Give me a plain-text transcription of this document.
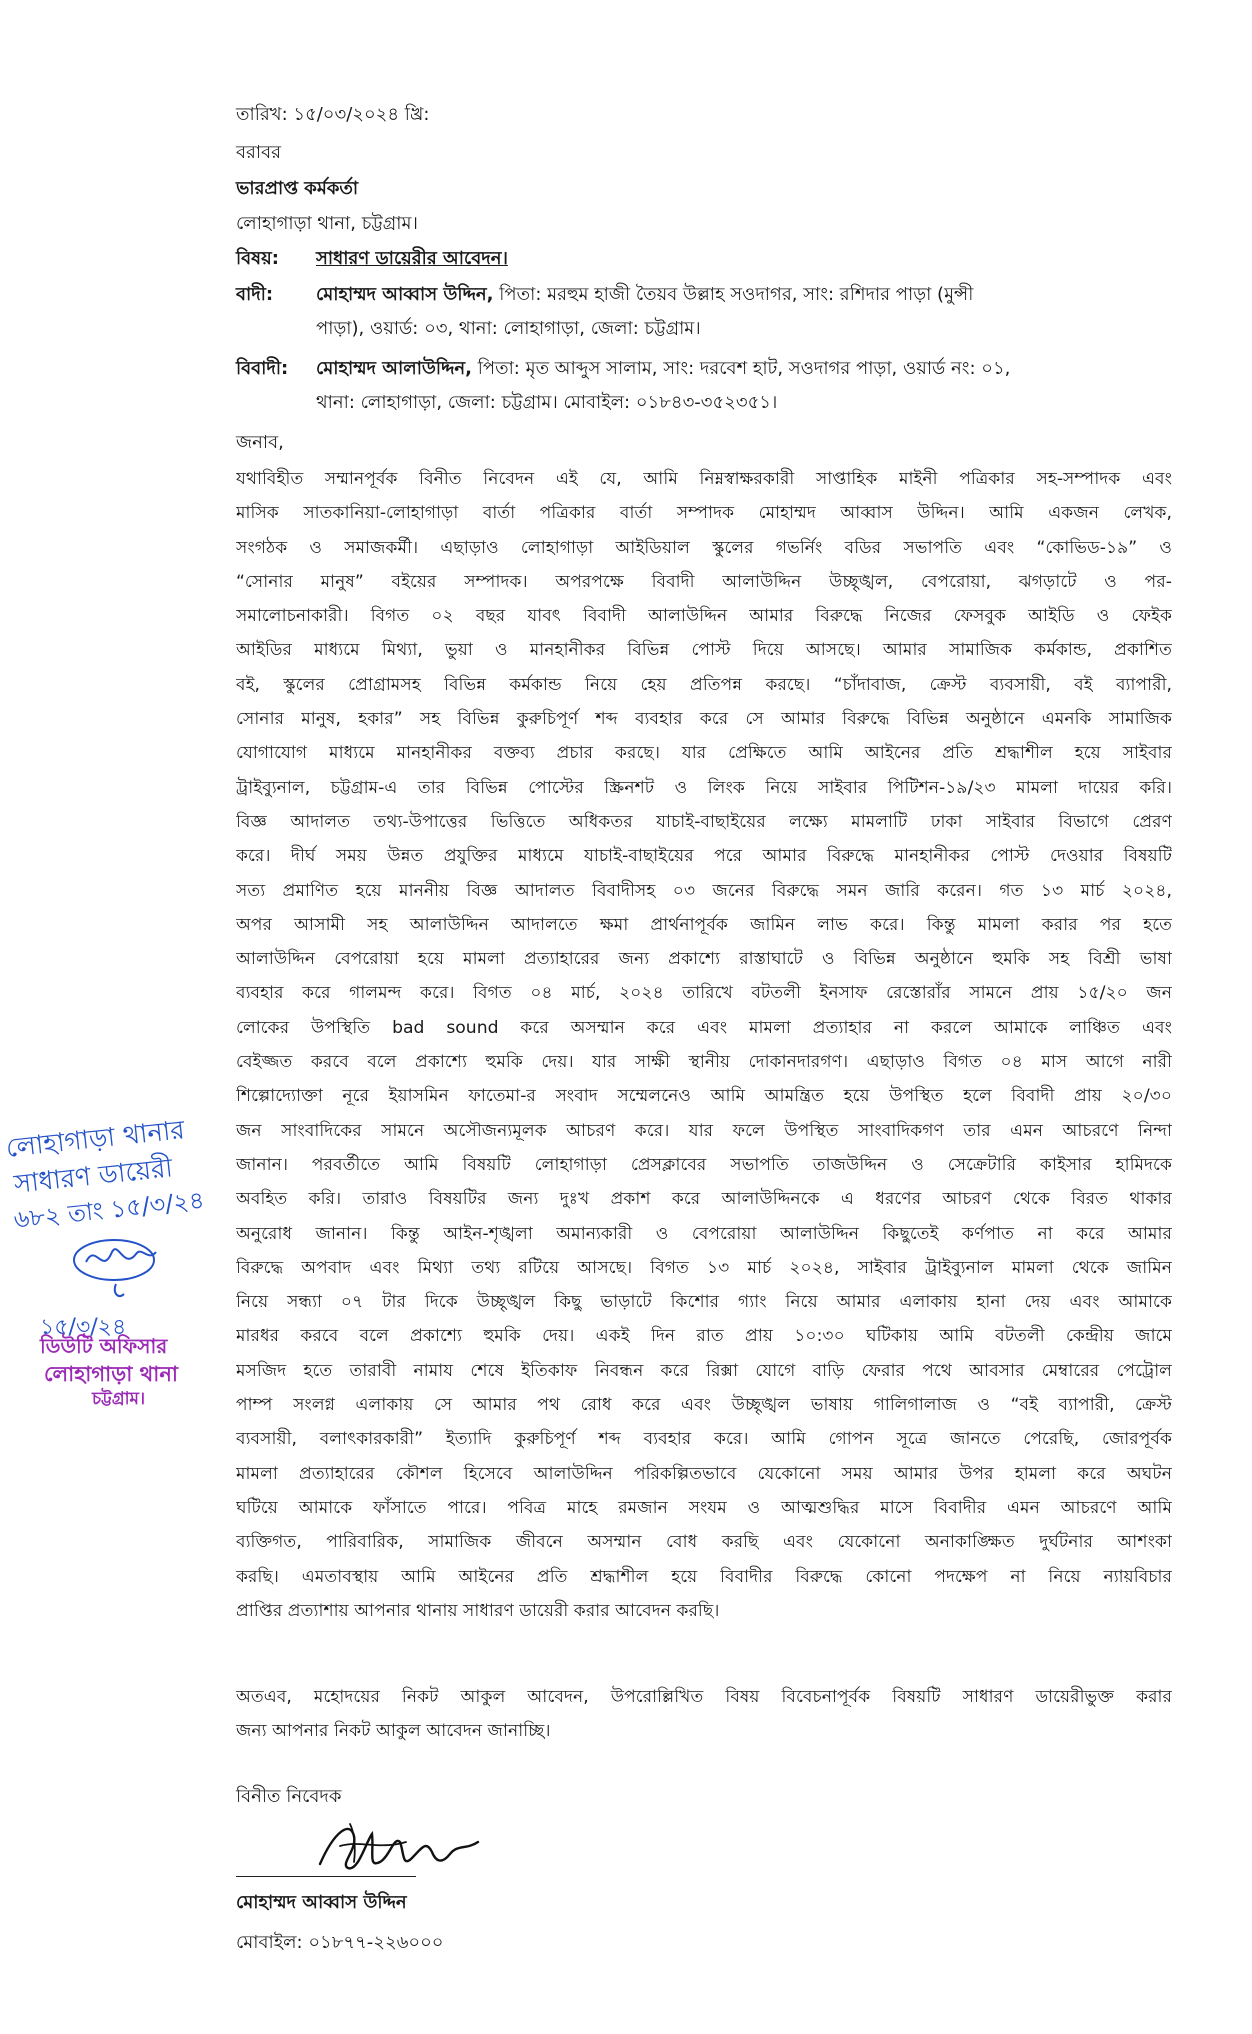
তারিখ: ১৫/০৩/২০২৪ খ্রি:

বরাবর

ভারপ্রাপ্ত কর্মকর্তা

লোহাগাড়া থানা, চট্টগ্রাম।

বিষয়:	সাধারণ ডায়েরীর আবেদন।
বাদী:	মোহাম্মদ আব্বাস উদ্দিন, পিতা: মরহুম হাজী তৈয়ব উল্লাহ সওদাগর, সাং: রশিদার পাড়া (মুন্সী
পাড়া), ওয়ার্ড: ০৩, থানা: লোহাগাড়া, জেলা: চট্টগ্রাম।
বিবাদী:	মোহাম্মদ আলাউদ্দিন, পিতা: মৃত আব্দুস সালাম, সাং: দরবেশ হাট, সওদাগর পাড়া, ওয়ার্ড নং: ০১,
থানা: লোহাগাড়া, জেলা: চট্টগ্রাম। মোবাইল: ০১৮৪৩-৩৫২৩৫১।

জনাব,

যথাবিহীত সম্মানপূর্বক বিনীত নিবেদন এই যে, আমি নিম্নস্বাক্ষরকারী সাপ্তাহিক মাইনী পত্রিকার সহ-সম্পাদক এবং
মাসিক সাতকানিয়া-লোহাগাড়া বার্তা পত্রিকার বার্তা সম্পাদক মোহাম্মদ আব্বাস উদ্দিন। আমি একজন লেখক,
সংগঠক ও সমাজকর্মী। এছাড়াও লোহাগাড়া আইডিয়াল স্কুলের গভর্নিং বডির সভাপতি এবং “কোভিড-১৯” ও
“সোনার মানুষ” বইয়ের সম্পাদক। অপরপক্ষে বিবাদী আলাউদ্দিন উচ্ছৃঙ্খল, বেপরোয়া, ঝগড়াটে ও পর-
সমালোচনাকারী। বিগত ০২ বছর যাবৎ বিবাদী আলাউদ্দিন আমার বিরুদ্ধে নিজের ফেসবুক আইডি ও ফেইক
আইডির মাধ্যমে মিথ্যা, ভুয়া ও মানহানীকর বিভিন্ন পোস্ট দিয়ে আসছে। আমার সামাজিক কর্মকান্ড, প্রকাশিত
বই, স্কুলের প্রোগ্রামসহ বিভিন্ন কর্মকান্ড নিয়ে হেয় প্রতিপন্ন করছে। “চাঁদাবাজ, ক্রেস্ট ব্যবসায়ী, বই ব্যাপারী,
সোনার মানুষ, হকার” সহ বিভিন্ন কুরুচিপূর্ণ শব্দ ব্যবহার করে সে আমার বিরুদ্ধে বিভিন্ন অনুষ্ঠানে এমনকি সামাজিক
যোগাযোগ মাধ্যমে মানহানীকর বক্তব্য প্রচার করছে। যার প্রেক্ষিতে আমি আইনের প্রতি শ্রদ্ধাশীল হয়ে সাইবার
ট্রাইব্যুনাল, চট্টগ্রাম-এ তার বিভিন্ন পোস্টের স্ক্রিনশট ও লিংক নিয়ে সাইবার পিটিশন-১৯/২৩ মামলা দায়ের করি।
বিজ্ঞ আদালত তথ্য-উপাত্তের ভিত্তিতে অধিকতর যাচাই-বাছাইয়ের লক্ষ্যে মামলাটি ঢাকা সাইবার বিভাগে প্রেরণ
করে। দীর্ঘ সময় উন্নত প্রযুক্তির মাধ্যমে যাচাই-বাছাইয়ের পরে আমার বিরুদ্ধে মানহানীকর পোস্ট দেওয়ার বিষয়টি
সত্য প্রমাণিত হয়ে মাননীয় বিজ্ঞ আদালত বিবাদীসহ ০৩ জনের বিরুদ্ধে সমন জারি করেন। গত ১৩ মার্চ ২০২৪,
অপর আসামী সহ আলাউদ্দিন আদালতে ক্ষমা প্রার্থনাপূর্বক জামিন লাভ করে। কিন্তু মামলা করার পর হতে
আলাউদ্দিন বেপরোয়া হয়ে মামলা প্রত্যাহারের জন্য প্রকাশ্যে রাস্তাঘাটে ও বিভিন্ন অনুষ্ঠানে হুমকি সহ বিশ্রী ভাষা
ব্যবহার করে গালমন্দ করে। বিগত ০৪ মার্চ, ২০২৪ তারিখে বটতলী ইনসাফ রেস্তোরাঁর সামনে প্রায় ১৫/২০ জন
লোকের উপস্থিতি bad sound করে অসম্মান করে এবং মামলা প্রত্যাহার না করলে আমাকে লাঞ্চিত এবং
বেইজ্জত করবে বলে প্রকাশ্যে হুমকি দেয়। যার সাক্ষী স্থানীয় দোকানদারগণ। এছাড়াও বিগত ০৪ মাস আগে নারী
শিল্পোদ্যোক্তা নূরে ইয়াসমিন ফাতেমা-র সংবাদ সম্মেলনেও আমি আমন্ত্রিত হয়ে উপস্থিত হলে বিবাদী প্রায় ২০/৩০
জন সাংবাদিকের সামনে অসৌজন্যমূলক আচরণ করে। যার ফলে উপস্থিত সাংবাদিকগণ তার এমন আচরণে নিন্দা
জানান। পরবর্তীতে আমি বিষয়টি লোহাগাড়া প্রেসক্লাবের সভাপতি তাজউদ্দিন ও সেক্রেটারি কাইসার হামিদকে
অবহিত করি। তারাও বিষয়টির জন্য দুঃখ প্রকাশ করে আলাউদ্দিনকে এ ধরণের আচরণ থেকে বিরত থাকার
অনুরোধ জানান। কিন্তু আইন-শৃঙ্খলা অমান্যকারী ও বেপরোয়া আলাউদ্দিন কিছুতেই কর্ণপাত না করে আমার
বিরুদ্ধে অপবাদ এবং মিথ্যা তথ্য রটিয়ে আসছে। বিগত ১৩ মার্চ ২০২৪, সাইবার ট্রাইব্যুনাল মামলা থেকে জামিন
নিয়ে সন্ধ্যা ০৭ টার দিকে উচ্ছৃঙ্খল কিছু ভাড়াটে কিশোর গ্যাং নিয়ে আমার এলাকায় হানা দেয় এবং আমাকে
মারধর করবে বলে প্রকাশ্যে হুমকি দেয়। একই দিন রাত প্রায় ১০:৩০ ঘটিকায় আমি বটতলী কেন্দ্রীয় জামে
মসজিদ হতে তারাবী নামায শেষে ইতিকাফ নিবন্ধন করে রিক্সা যোগে বাড়ি ফেরার পথে আবসার মেম্বারের পেট্রোল
পাম্প সংলগ্ন এলাকায় সে আমার পথ রোধ করে এবং উচ্ছৃঙ্খল ভাষায় গালিগালাজ ও “বই ব্যাপারী, ক্রেস্ট
ব্যবসায়ী, বলাৎকারকারী” ইত্যাদি কুরুচিপূর্ণ শব্দ ব্যবহার করে। আমি গোপন সূত্রে জানতে পেরেছি, জোরপূর্বক
মামলা প্রত্যাহারের কৌশল হিসেবে আলাউদ্দিন পরিকল্পিতভাবে যেকোনো সময় আমার উপর হামলা করে অঘটন
ঘটিয়ে আমাকে ফাঁসাতে পারে। পবিত্র মাহে রমজান সংযম ও আত্মশুদ্ধির মাসে বিবাদীর এমন আচরণে আমি
ব্যক্তিগত, পারিবারিক, সামাজিক জীবনে অসম্মান বোধ করছি এবং যেকোনো অনাকাঙ্ক্ষিত দুর্ঘটনার আশংকা
করছি। এমতাবস্থায় আমি আইনের প্রতি শ্রদ্ধাশীল হয়ে বিবাদীর বিরুদ্ধে কোনো পদক্ষেপ না নিয়ে ন্যায়বিচার
প্রাপ্তির প্রত্যাশায় আপনার থানায় সাধারণ ডায়েরী করার আবেদন করছি।
অতএব, মহোদয়ের নিকট আকুল আবেদন, উপরোল্লিখিত বিষয় বিবেচনাপূর্বক বিষয়টি সাধারণ ডায়েরীভুক্ত করার
জন্য আপনার নিকট আকুল আবেদন জানাচ্ছি।

বিনীত নিবেদক

মোহাম্মদ আব্বাস উদ্দিন

মোবাইল: ০১৮৭৭-২২৬০০০

লোহাগাড়া থানার
সাধারণ ডায়েরী
৬৮২ তাং ১৫/৩/২৪
১৫/৩/২৪
ডিউটি অফিসার
লোহাগাড়া থানা
চট্টগ্রাম।
